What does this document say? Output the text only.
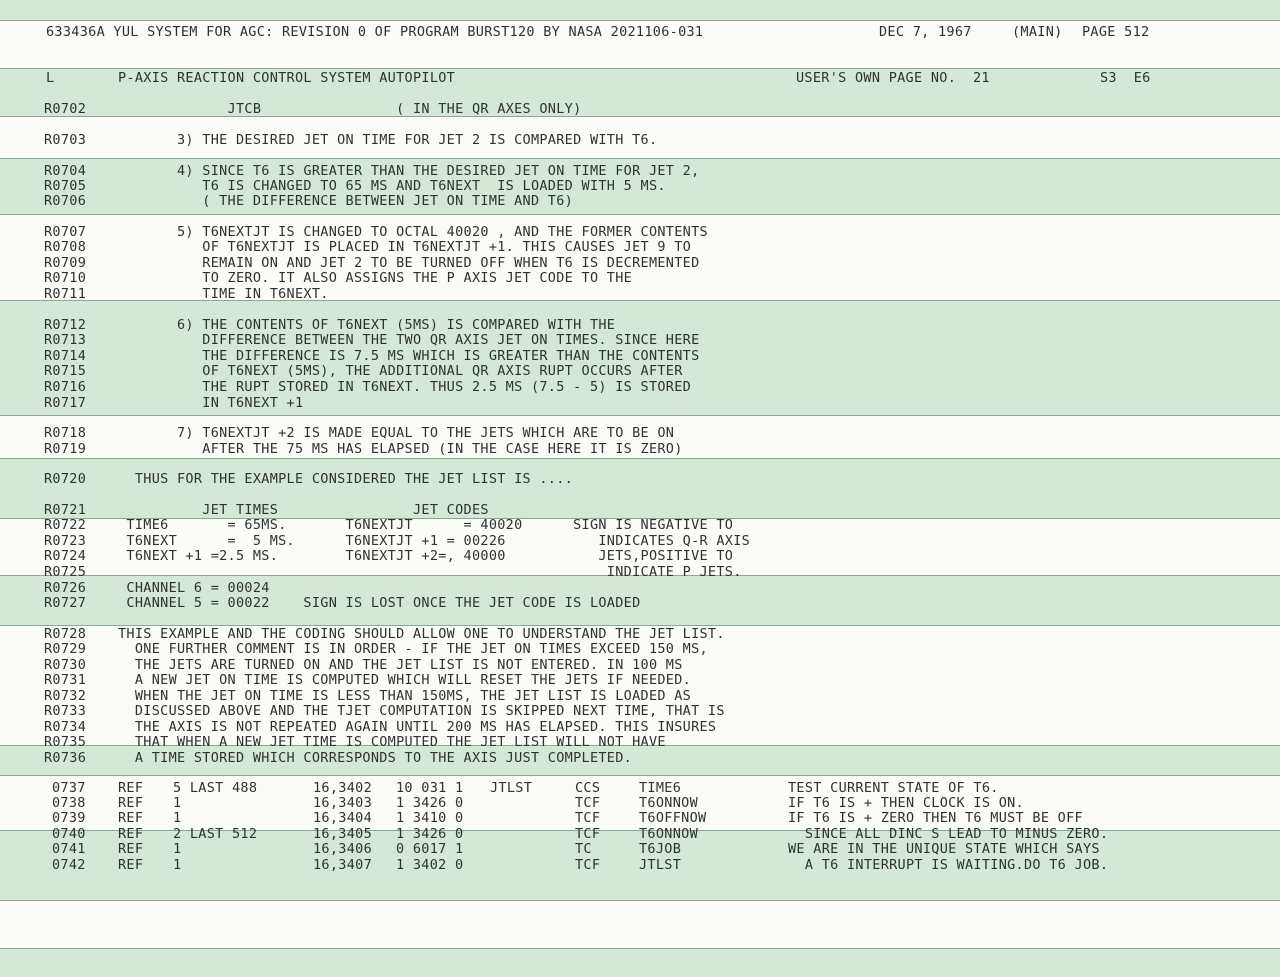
633436A YUL SYSTEM FOR AGC: REVISION 0 OF PROGRAM BURST120 BY NASA 2021106-031	DEC 7, 1967	(MAIN) PAGE 512
L	P-AXIS REACTION CONTROL SYSTEM AUTOPILOT	USER'S OWN PAGE NO.  21	S3  E6
R0702 JTCB                ( IN THE QR AXES ONLY)
R0703 3) THE DESIRED JET ON TIME FOR JET 2 IS COMPARED WITH T6.
R0704 4) SINCE T6 IS GREATER THAN THE DESIRED JET ON TIME FOR JET 2,
R0705 T6 IS CHANGED TO 65 MS AND T6NEXT  IS LOADED WITH 5 MS.
R0706 ( THE DIFFERENCE BETWEEN JET ON TIME AND T6)
R0707 5) T6NEXTJT IS CHANGED TO OCTAL 40020 , AND THE FORMER CONTENTS
R0708 OF T6NEXTJT IS PLACED IN T6NEXTJT +1. THIS CAUSES JET 9 TO
R0709 REMAIN ON AND JET 2 TO BE TURNED OFF WHEN T6 IS DECREMENTED
R0710 TO ZERO. IT ALSO ASSIGNS THE P AXIS JET CODE TO THE
R0711 TIME IN T6NEXT.
R0712 6) THE CONTENTS OF T6NEXT (5MS) IS COMPARED WITH THE
R0713 DIFFERENCE BETWEEN THE TWO QR AXIS JET ON TIMES. SINCE HERE
R0714 THE DIFFERENCE IS 7.5 MS WHICH IS GREATER THAN THE CONTENTS
R0715 OF T6NEXT (5MS), THE ADDITIONAL QR AXIS RUPT OCCURS AFTER
R0716 THE RUPT STORED IN T6NEXT. THUS 2.5 MS (7.5 - 5) IS STORED
R0717 IN T6NEXT +1
R0718 7) T6NEXTJT +2 IS MADE EQUAL TO THE JETS WHICH ARE TO BE ON
R0719 AFTER THE 75 MS HAS ELAPSED (IN THE CASE HERE IT IS ZERO)
R0720 THUS FOR THE EXAMPLE CONSIDERED THE JET LIST IS ....
R0721 JET TIMES                JET CODES
R0722 TIME6       = 65MS.       T6NEXTJT      = 40020      SIGN IS NEGATIVE TO
R0723 T6NEXT      =  5 MS.      T6NEXTJT +1 = 00226           INDICATES Q-R AXIS
R0724 T6NEXT +1 =2.5 MS.        T6NEXTJT +2=, 40000           JETS,POSITIVE TO
R0725 INDICATE P JETS.
R0726 CHANNEL 6 = 00024
R0727 CHANNEL 5 = 00022    SIGN IS LOST ONCE THE JET CODE IS LOADED
R0728 THIS EXAMPLE AND THE CODING SHOULD ALLOW ONE TO UNDERSTAND THE JET LIST.
R0729 ONE FURTHER COMMENT IS IN ORDER - IF THE JET ON TIMES EXCEED 150 MS,
R0730 THE JETS ARE TURNED ON AND THE JET LIST IS NOT ENTERED. IN 100 MS
R0731 A NEW JET ON TIME IS COMPUTED WHICH WILL RESET THE JETS IF NEEDED.
R0732 WHEN THE JET ON TIME IS LESS THAN 150MS, THE JET LIST IS LOADED AS
R0733 DISCUSSED ABOVE AND THE TJET COMPUTATION IS SKIPPED NEXT TIME, THAT IS
R0734 THE AXIS IS NOT REPEATED AGAIN UNTIL 200 MS HAS ELAPSED. THIS INSURES
R0735 THAT WHEN A NEW JET TIME IS COMPUTED THE JET LIST WILL NOT HAVE
R0736 A TIME STORED WHICH CORRESPONDS TO THE AXIS JUST COMPLETED.
0737 REF 5 LAST 488	16,3402 10 031 1 JTLST	CCS	TIME6	TEST CURRENT STATE OF T6.
0738 REF 1	16,3403 1 3426 0	TCF	T6ONNOW	IF T6 IS + THEN CLOCK IS ON.
0739 REF 1	16,3404 1 3410 0	TCF	T6OFFNOW	IF T6 IS + ZERO THEN T6 MUST BE OFF
0740 REF 2 LAST 512	16,3405 1 3426 0	TCF	T6ONNOW	SINCE ALL DINC S LEAD TO MINUS ZERO.
0741 REF 1	16,3406 0 6017 1	TC	T6JOB	WE ARE IN THE UNIQUE STATE WHICH SAYS
0742 REF 1	16,3407 1 3402 0	TCF	JTLST	A T6 INTERRUPT IS WAITING.DO T6 JOB.
